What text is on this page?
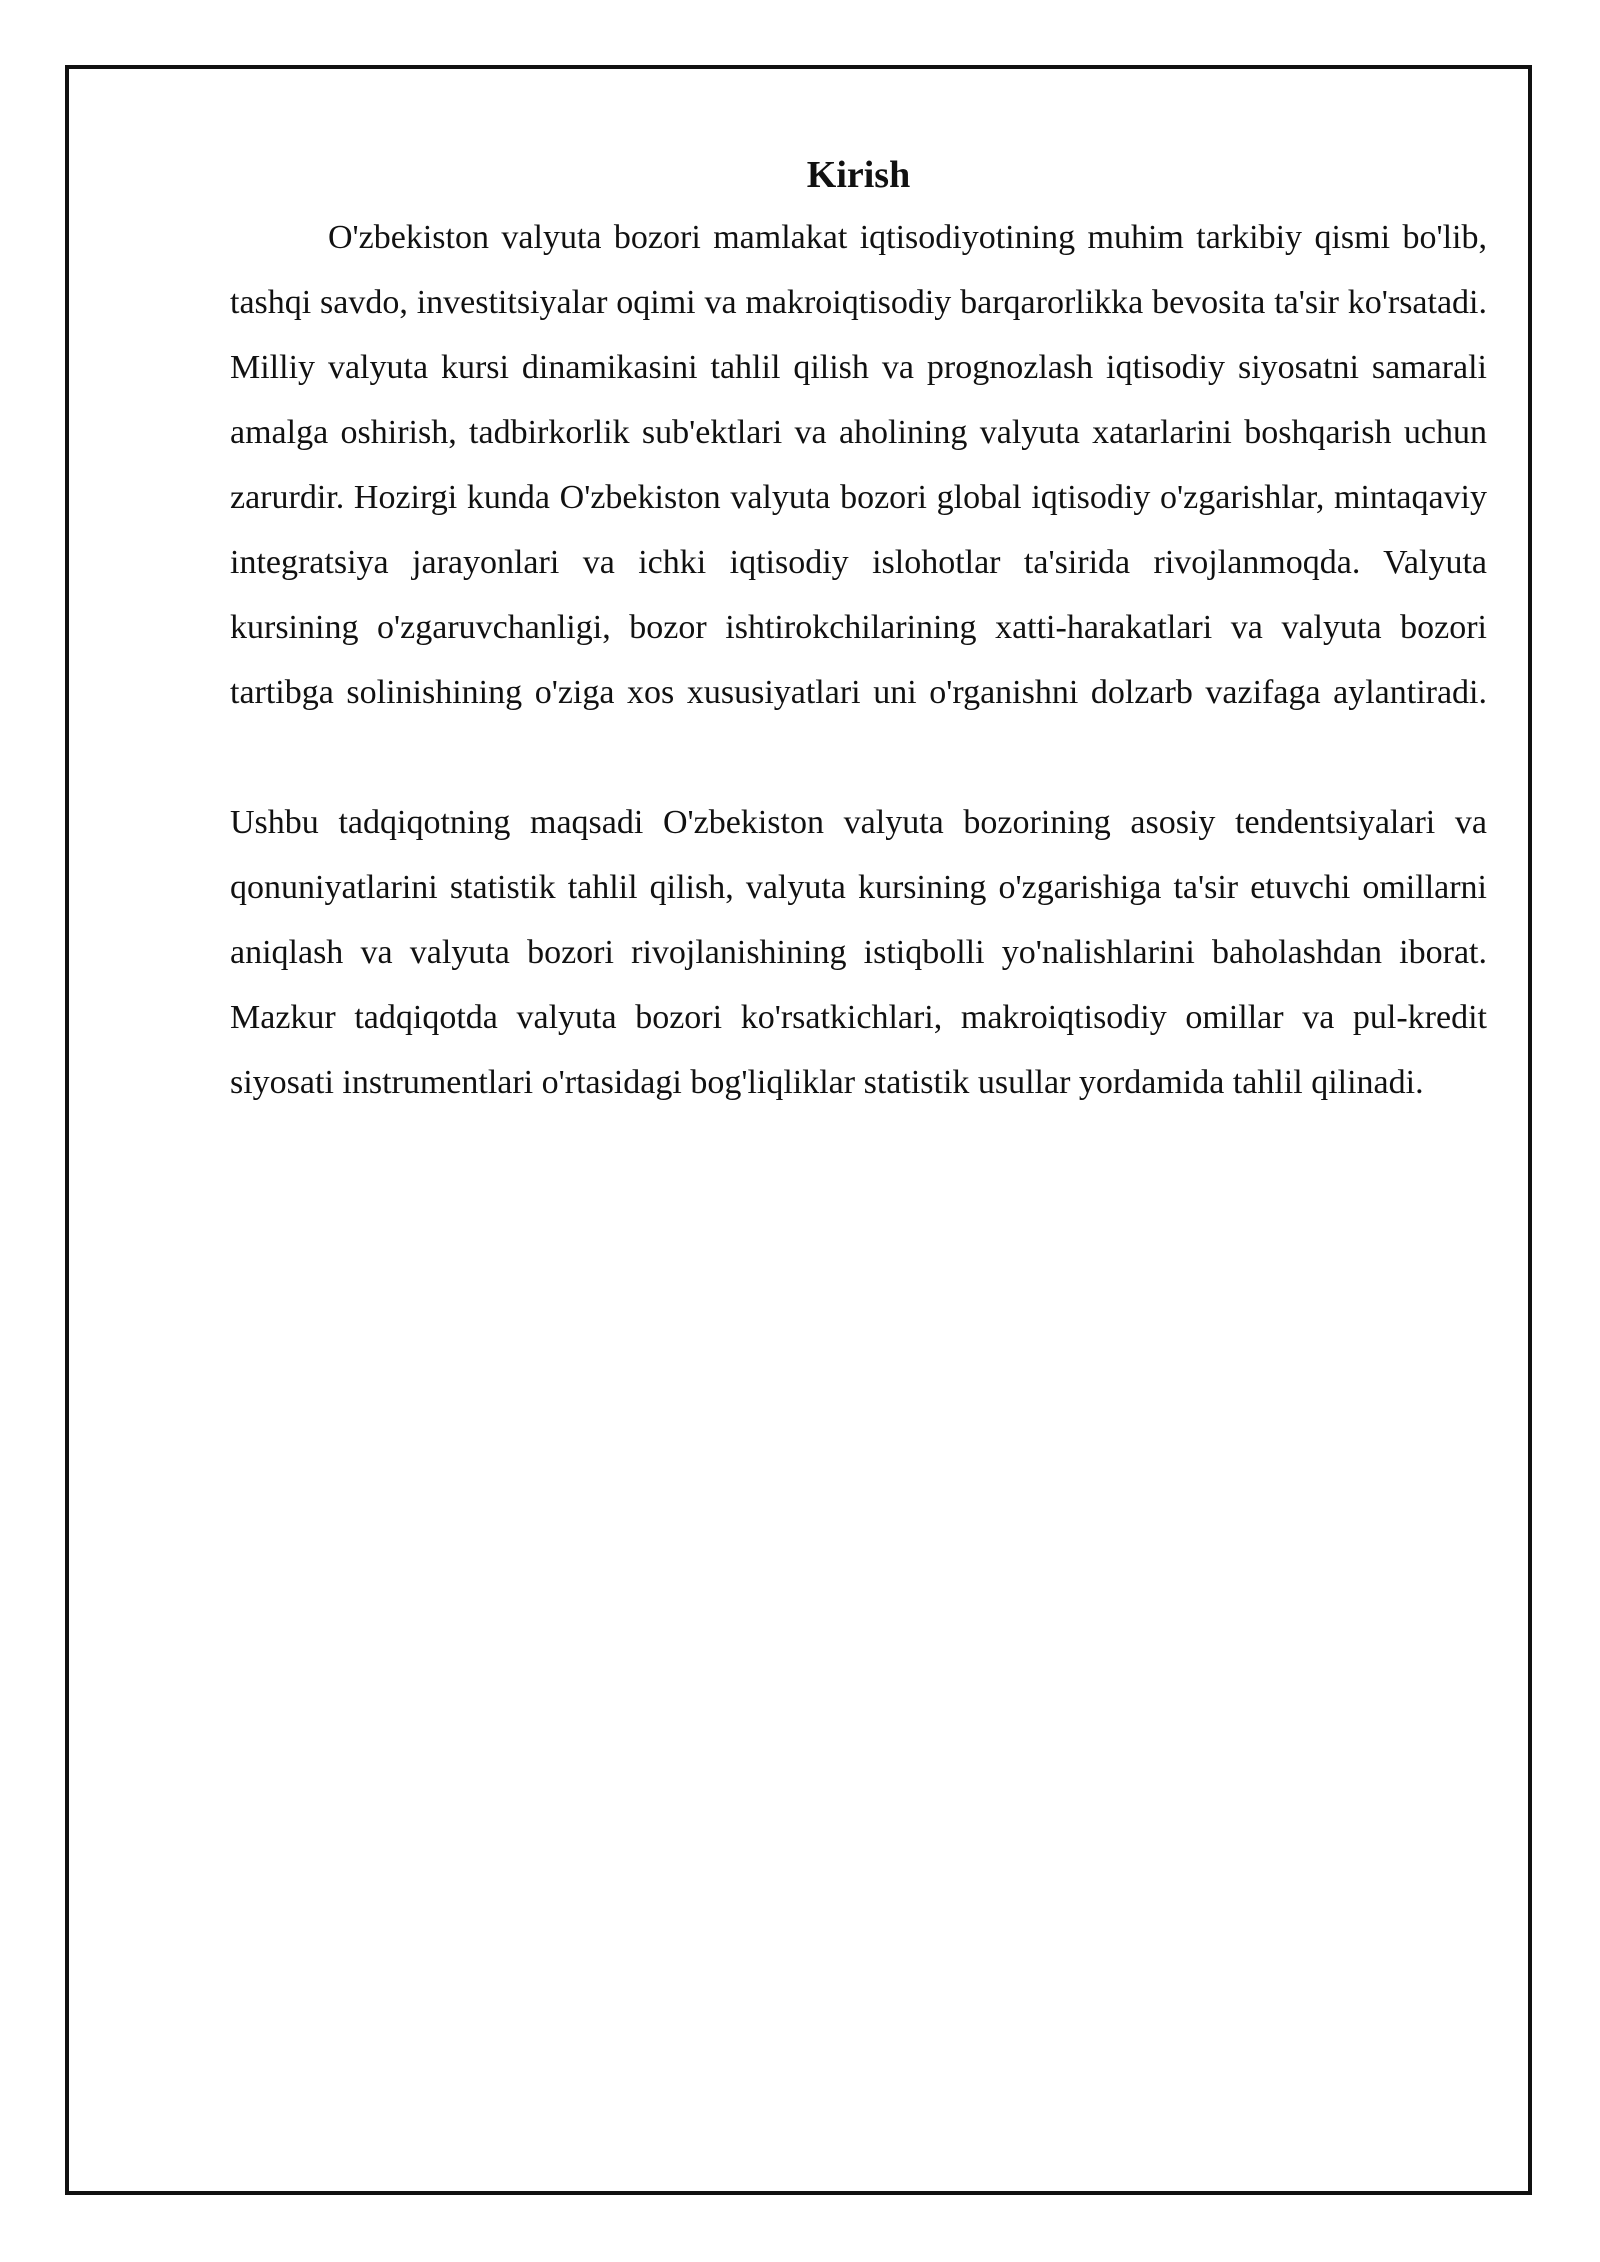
Kirish

O'zbekiston valyuta bozori mamlakat iqtisodiyotining muhim tarkibiy qismi bo'lib, tashqi savdo, investitsiyalar oqimi va makroiqtisodiy barqarorlikka bevosita ta'sir ko'rsatadi. Milliy valyuta kursi dinamikasini tahlil qilish va prognozlash iqtisodiy siyosatni samarali amalga oshirish, tadbirkorlik sub'ektlari va aholining valyuta xatarlarini boshqarish uchun zarurdir. Hozirgi kunda O'zbekiston valyuta bozori global iqtisodiy o'zgarishlar, mintaqaviy integratsiya jarayonlari va ichki iqtisodiy islohotlar ta'sirida rivojlanmoqda. Valyuta kursining o'zgaruvchanligi, bozor ishtirokchilarining xatti-harakatlari va valyuta bozori tartibga solinishining o'ziga xos xususiyatlari uni o'rganishni dolzarb vazifaga aylantiradi.

Ushbu tadqiqotning maqsadi O'zbekiston valyuta bozorining asosiy tendentsiyalari va qonuniyatlarini statistik tahlil qilish, valyuta kursining o'zgarishiga ta'sir etuvchi omillarni aniqlash va valyuta bozori rivojlanishining istiqbolli yo'nalishlarini baholashdan iborat. Mazkur tadqiqotda valyuta bozori ko'rsatkichlari, makroiqtisodiy omillar va pul-kredit siyosati instrumentlari o'rtasidagi bog'liqliklar statistik usullar yordamida tahlil qilinadi.
